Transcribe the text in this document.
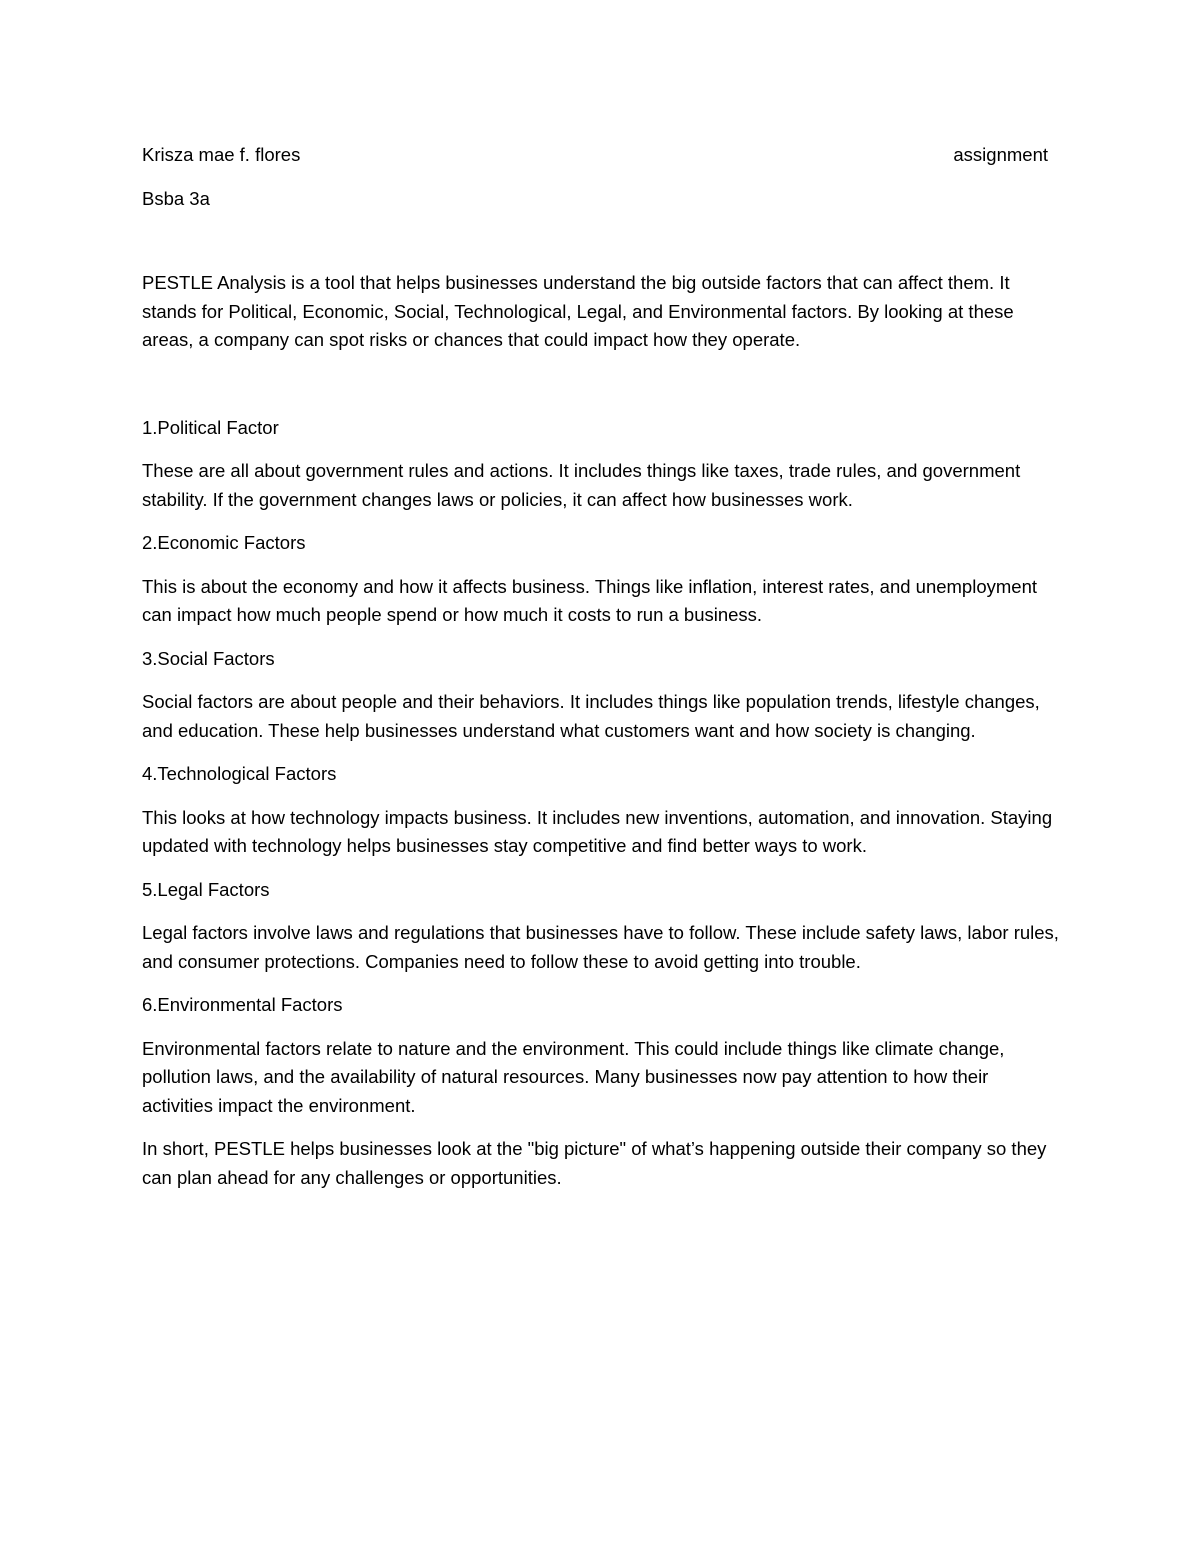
Krisza mae f. flores	assignment

Bsba 3a

PESTLE Analysis is a tool that helps businesses understand the big outside factors that can affect them. It stands for Political, Economic, Social, Technological, Legal, and Environmental factors. By looking at these areas, a company can spot risks or chances that could impact how they operate.

1.Political Factor

These are all about government rules and actions. It includes things like taxes, trade rules, and government stability. If the government changes laws or policies, it can affect how businesses work.

2.Economic Factors

This is about the economy and how it affects business. Things like inflation, interest rates, and unemployment can impact how much people spend or how much it costs to run a business.

3.Social Factors

Social factors are about people and their behaviors. It includes things like population trends, lifestyle changes, and education. These help businesses understand what customers want and how society is changing.

4.Technological Factors

This looks at how technology impacts business. It includes new inventions, automation, and innovation. Staying updated with technology helps businesses stay competitive and find better ways to work.

5.Legal Factors

Legal factors involve laws and regulations that businesses have to follow. These include safety laws, labor rules, and consumer protections. Companies need to follow these to avoid getting into trouble.

6.Environmental Factors

Environmental factors relate to nature and the environment. This could include things like climate change, pollution laws, and the availability of natural resources. Many businesses now pay attention to how their activities impact the environment.

In short, PESTLE helps businesses look at the "big picture" of what’s happening outside their company so they can plan ahead for any challenges or opportunities.
